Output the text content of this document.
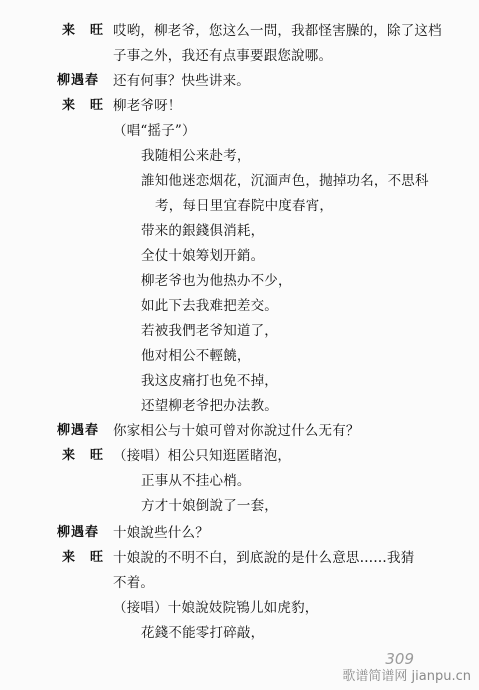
来　旺 哎哟，柳老爷，您这么一問，我都怪害臊的，除了这档
子事之外，我还有点事要跟您說哪。
柳遇春 还有何事？快些讲来。
来　旺 柳老爷呀！
（唱“摇子”）
我随相公来赴考，
誰知他迷恋烟花，沉湎声色，抛掉功名，不思科
考，每日里宜春院中度春宵，
带来的銀錢俱消耗，
全仗十娘筹划开銷。
柳老爷也为他热办不少，
如此下去我难把差交。
若被我們老爷知道了，
他对相公不輕饒，
我这皮痛打也免不掉，
还望柳老爷把办法教。
柳遇春 你家相公与十娘可曾对你說过什么无有？
来　旺 （接唱）相公只知逛匿睹泡，
正事从不挂心梢。
方才十娘倒說了一套，
柳遇春 十娘說些什么？
来　旺 十娘說的不明不白，到底說的是什么意思……我猜
不着。
（接唱）十娘說妓院鴇儿如虎豹，
花錢不能零打碎敲，
309
歌谱简谱网 jianpu.cn
